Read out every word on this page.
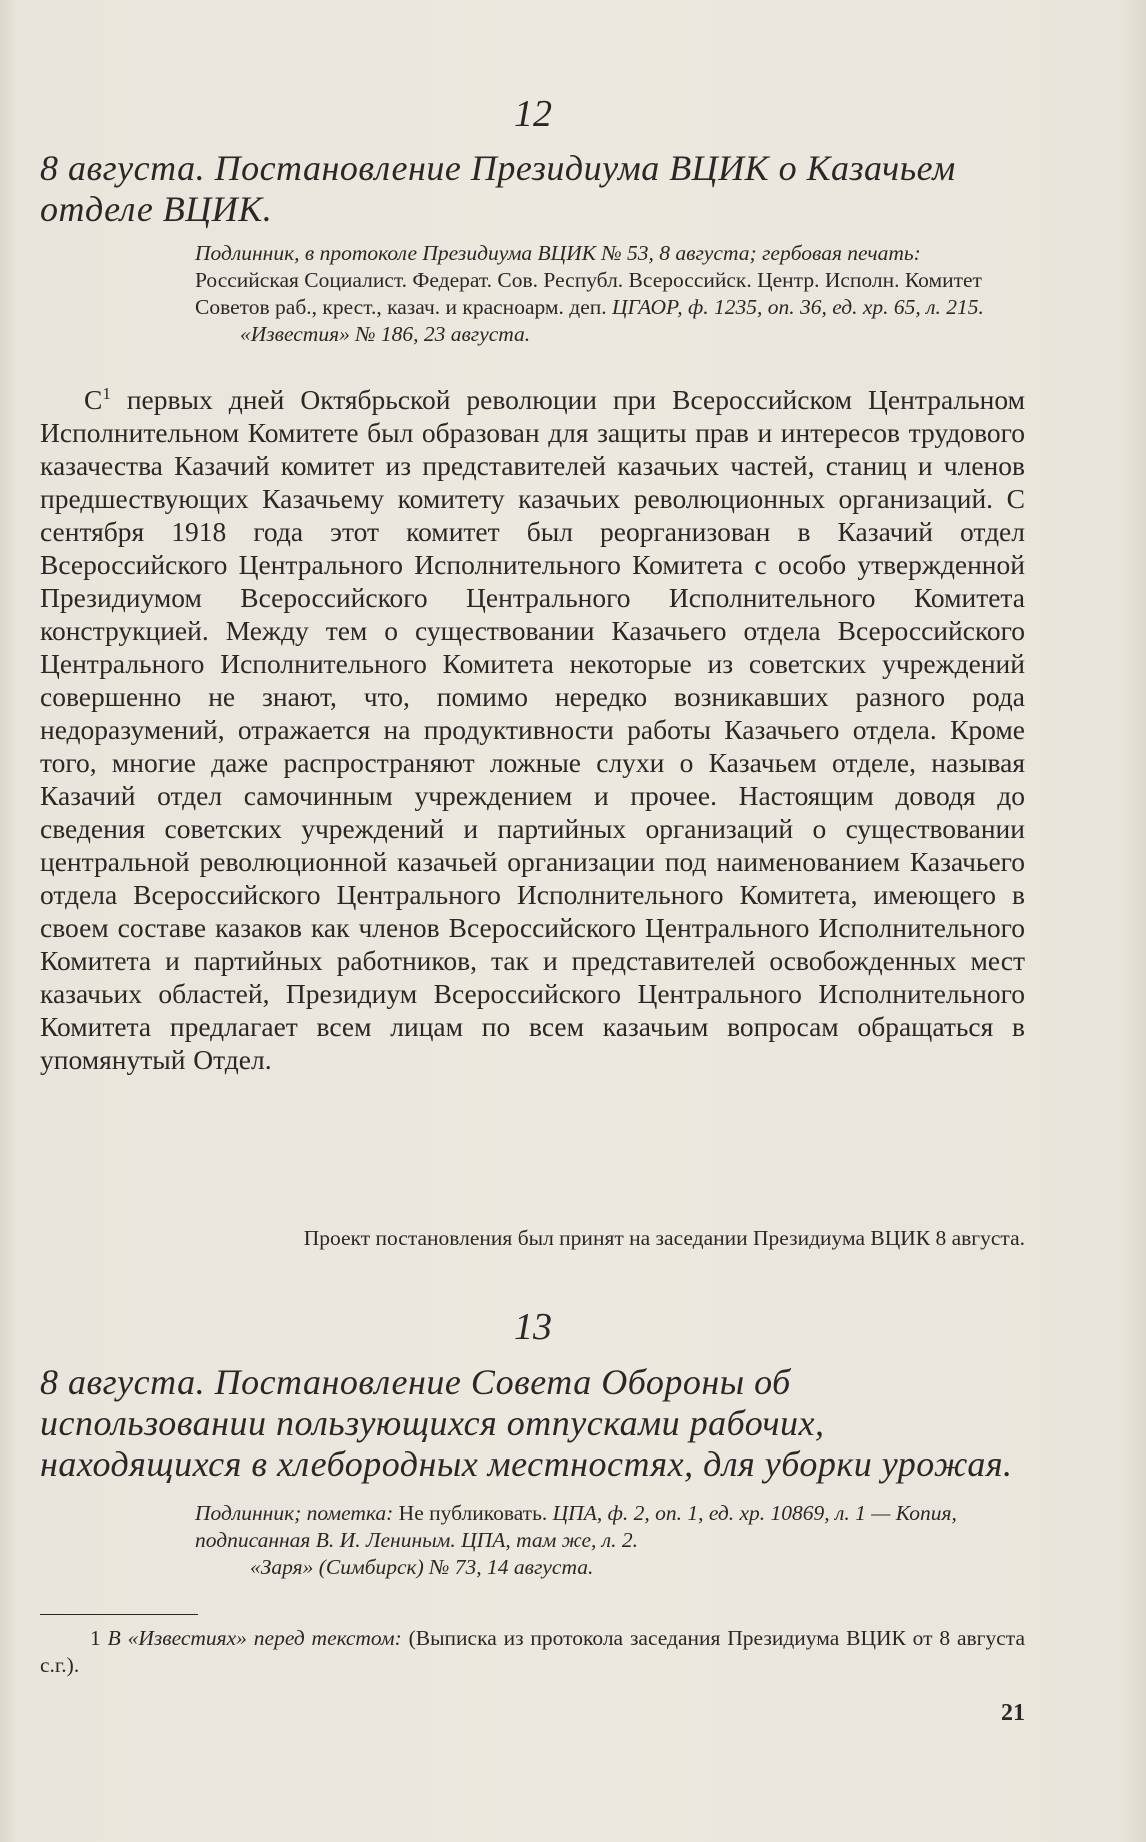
12
8 августа. Постановление Президиума ВЦИК о Казачьем отделе ВЦИК.
Подлинник, в протоколе Президиума ВЦИК № 53, 8 августа; гербовая печать: Российская Социалист. Федерат. Сов. Республ. Всероссийск. Центр. Исполн. Комитет Советов раб., крест., казач. и красноарм. деп. ЦГАОР, ф. 1235, оп. 36, ед. хр. 65, л. 215.
«Известия» № 186, 23 августа.

$С^1$ первых дней Октябрьской революции при Всероссийском Центральном Исполнительном Комитете был образован для защиты прав и интересов трудового казачества Казачий комитет из представителей казачьих частей, станиц и членов предшествующих Казачьему комитету казачьих революционных организаций. С сентября 1918 года этот комитет был реорганизован в Казачий отдел Всероссийского Центрального Исполнительного Комитета с особо утвержденной Президиумом Всероссийского Центрального Исполнительного Комитета конструкцией. Между тем о существовании Казачьего отдела Всероссийского Центрального Исполнительного Комитета некоторые из советских учреждений совершенно не знают, что, помимо нередко возникавших разного рода недоразумений, отражается на продуктивности работы Казачьего отдела. Кроме того, многие даже распространяют ложные слухи о Казачьем отделе, называя Казачий отдел самочинным учреждением и прочее. Настоящим доводя до сведения советских учреждений и партийных организаций о существовании центральной революционной казачьей организации под наименованием Казачьего отдела Всероссийского Центрального Исполнительного Комитета, имеющего в своем составе казаков как членов Всероссийского Центрального Исполнительного Комитета и партийных работников, так и представителей освобожденных мест казачьих областей, Президиум Всероссийского Центрального Исполнительного Комитета предлагает всем лицам по всем казачьим вопросам обращаться в упомянутый Отдел.

Проект постановления был принят на заседании Президиума ВЦИК 8 августа.
13
8 августа. Постановление Совета Обороны об использовании пользующихся отпусками рабочих, находящихся в хлебородных местностях, для уборки урожая.
Подлинник; пометка: Не публиковать. ЦПА, ф. 2, оп. 1, ед. хр. 10869, л. 1 — Копия, подписанная В. И. Лениным. ЦПА, там же, л. 2.
«Заря» (Симбирск) № 73, 14 августа.
1 В «Известиях» перед текстом: (Выписка из протокола заседания Президиума ВЦИК от 8 августа с.г.).
21
